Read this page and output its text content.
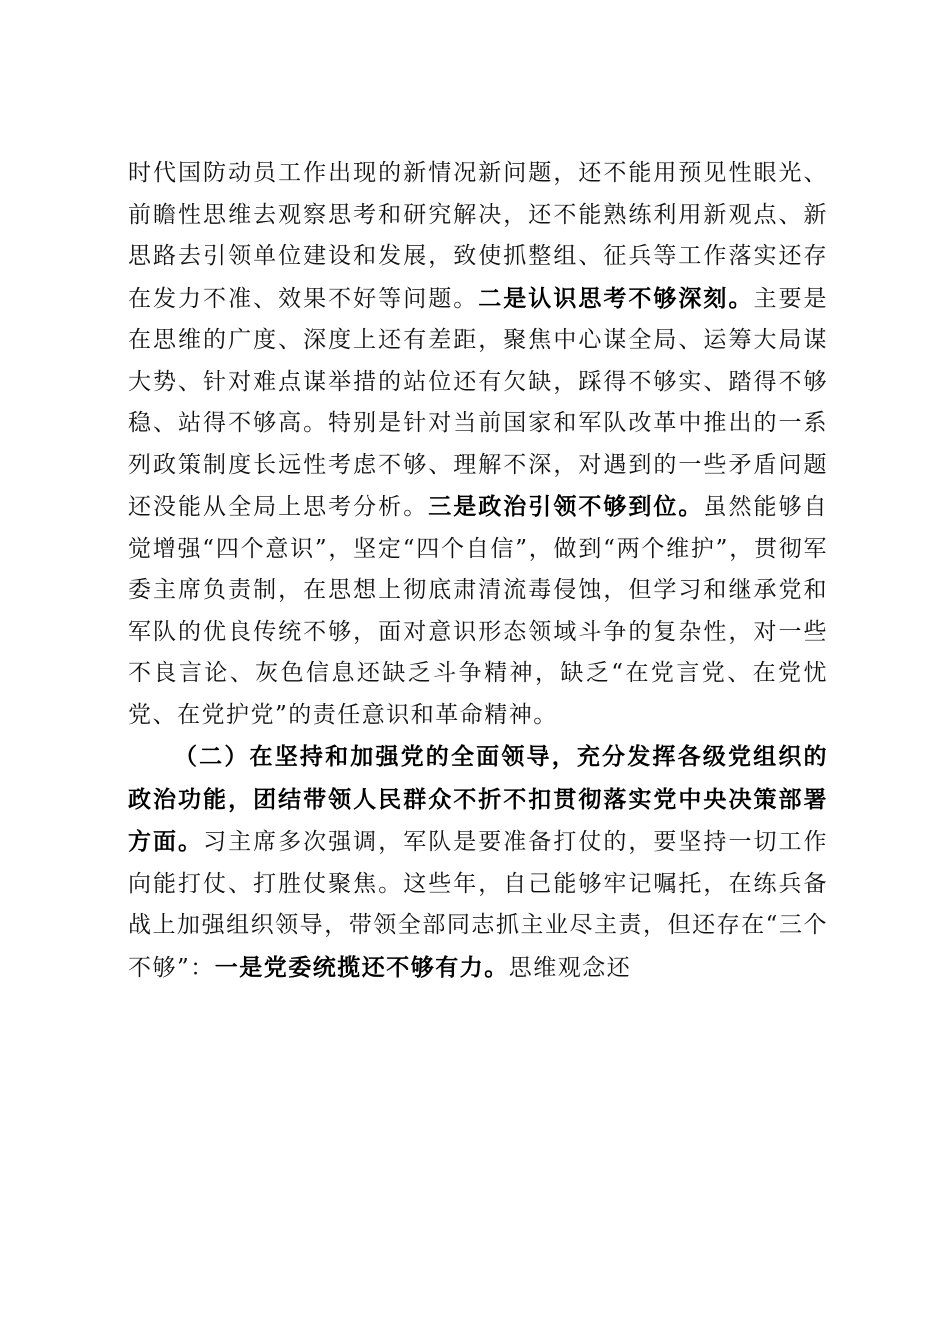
时代国防动员工作出现的新情况新问题，还不能用预见性眼光、前瞻性思维去观察思考和研究解决，还不能熟练利用新观点、新思路去引领单位建设和发展，致使抓整组、征兵等工作落实还存在发力不准、效果不好等问题。二是认识思考不够深刻。主要是在思维的广度、深度上还有差距，聚焦中心谋全局、运筹大局谋大势、针对难点谋举措的站位还有欠缺，踩得不够实、踏得不够稳、站得不够高。特别是针对当前国家和军队改革中推出的一系列政策制度长远性考虑不够、理解不深，对遇到的一些矛盾问题还没能从全局上思考分析。三是政治引领不够到位。虽然能够自觉增强“四个意识”，坚定“四个自信”，做到“两个维护”，贯彻军委主席负责制，在思想上彻底肃清流毒侵蚀，但学习和继承党和军队的优良传统不够，面对意识形态领域斗争的复杂性，对一些不良言论、灰色信息还缺乏斗争精神，缺乏“在党言党、在党忧党、在党护党”的责任意识和革命精神。

（二）在坚持和加强党的全面领导，充分发挥各级党组织的政治功能，团结带领人民群众不折不扣贯彻落实党中央决策部署方面。习主席多次强调，军队是要准备打仗的，要坚持一切工作向能打仗、打胜仗聚焦。这些年，自己能够牢记嘱托，在练兵备战上加强组织领导，带领全部同志抓主业尽主责，但还存在“三个不够”：一是党委统揽还不够有力。思维观念还
